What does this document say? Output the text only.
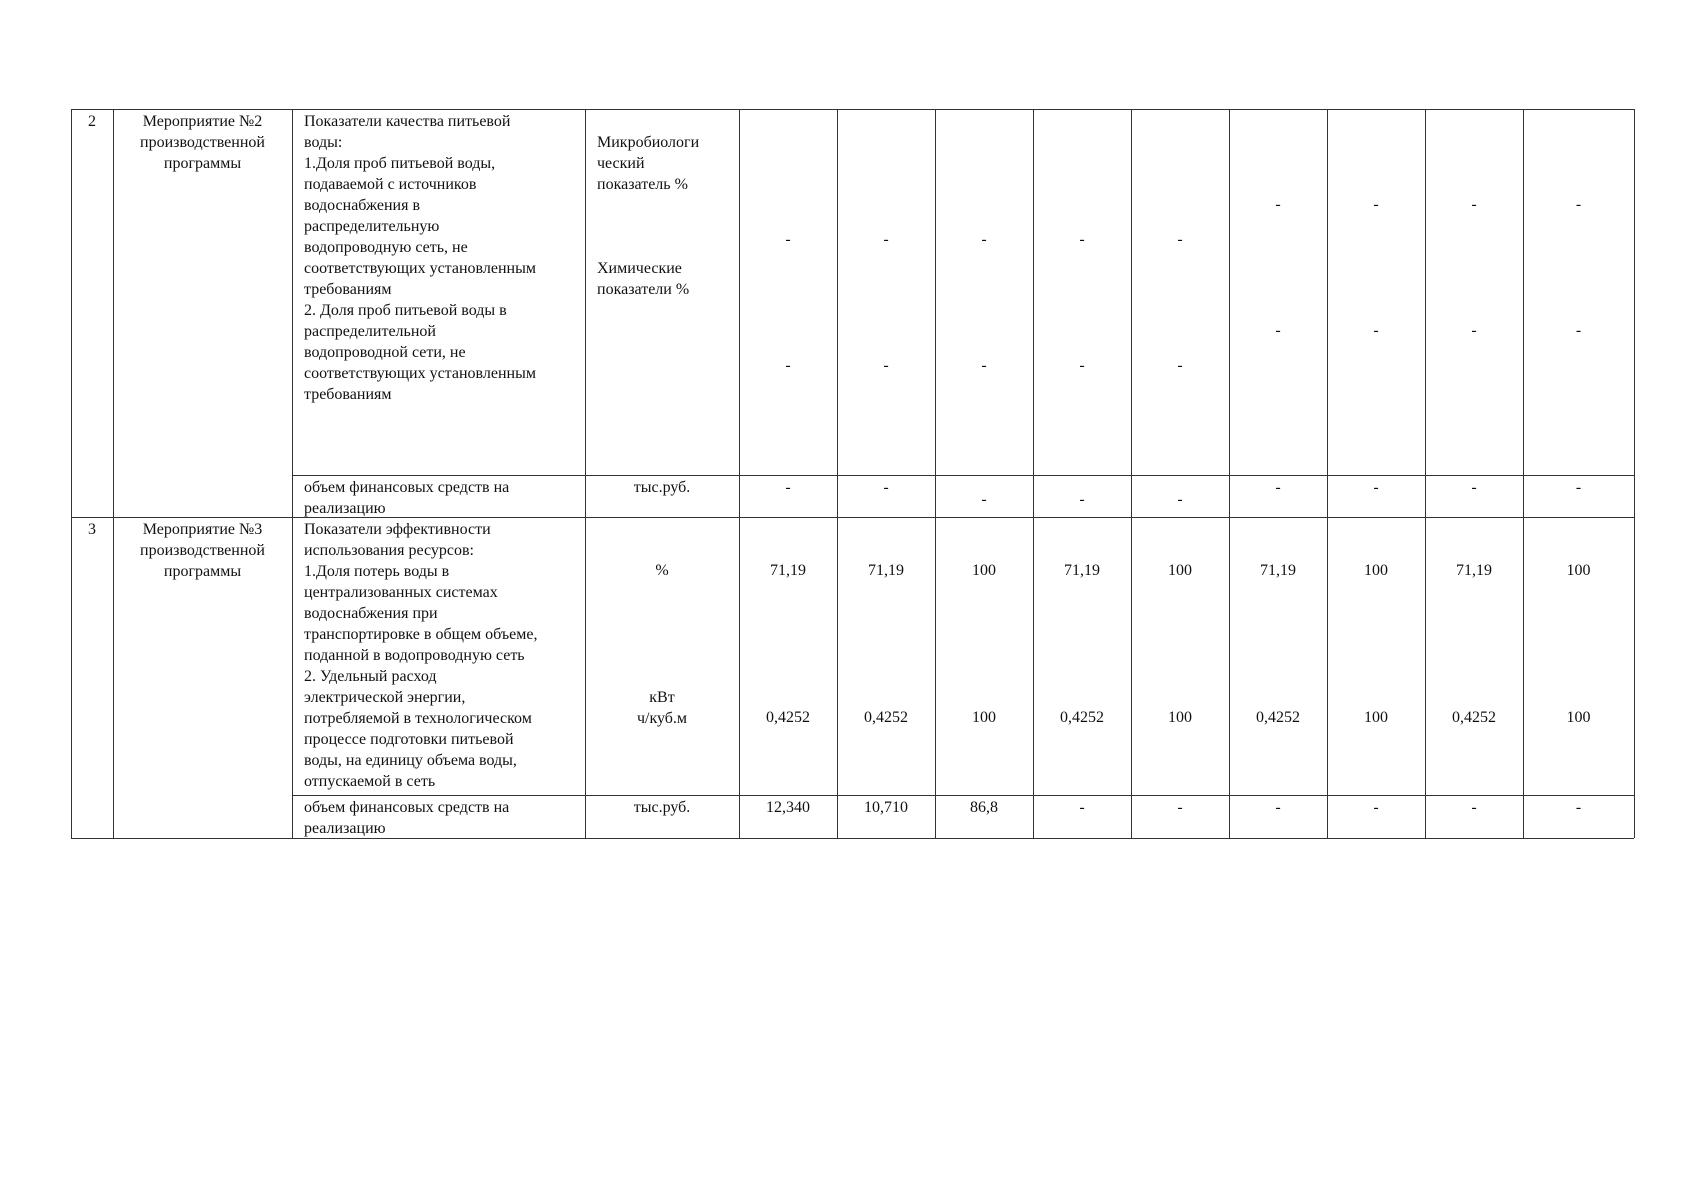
2	Мероприятие №2
производственной
программы
Показатели качества питьевой
воды:
1.Доля проб питьевой воды,
подаваемой с источников
водоснабжения в
распределительную
водопроводную сеть, не
соответствующих установленным
требованиям
2. Доля проб питьевой воды в
распределительной
водопроводной сети, не
соответствующих установленным
требованиям
Микробиологи
ческий
показатель %
Химические
показатели %
-
-
-
-
-
-
-
-
-
-
-
-
-
-
-
-
-
-
-
-
-
-
-
-
-
-
-
объем финансовых средств на
реализацию
тыс.руб.
3	Мероприятие №3
производственной
программы
Показатели эффективности
использования ресурсов:
1.Доля потерь воды в
централизованных системах
водоснабжения при
транспортировке в общем объеме,
поданной в водопроводную сеть
2. Удельный расход
электрической энергии,
потребляемой в технологическом
процессе подготовки питьевой
воды, на единицу объема воды,
отпускаемой в сеть
%
кВт
ч/куб.м
71,19
0,4252
12,340
71,19
0,4252
10,710
100
100
86,8
71,19
0,4252
-
100
100
-
71,19
0,4252
-
100
100
-
71,19
0,4252
-
100
100
-
объем финансовых средств на
реализацию
тыс.руб.
